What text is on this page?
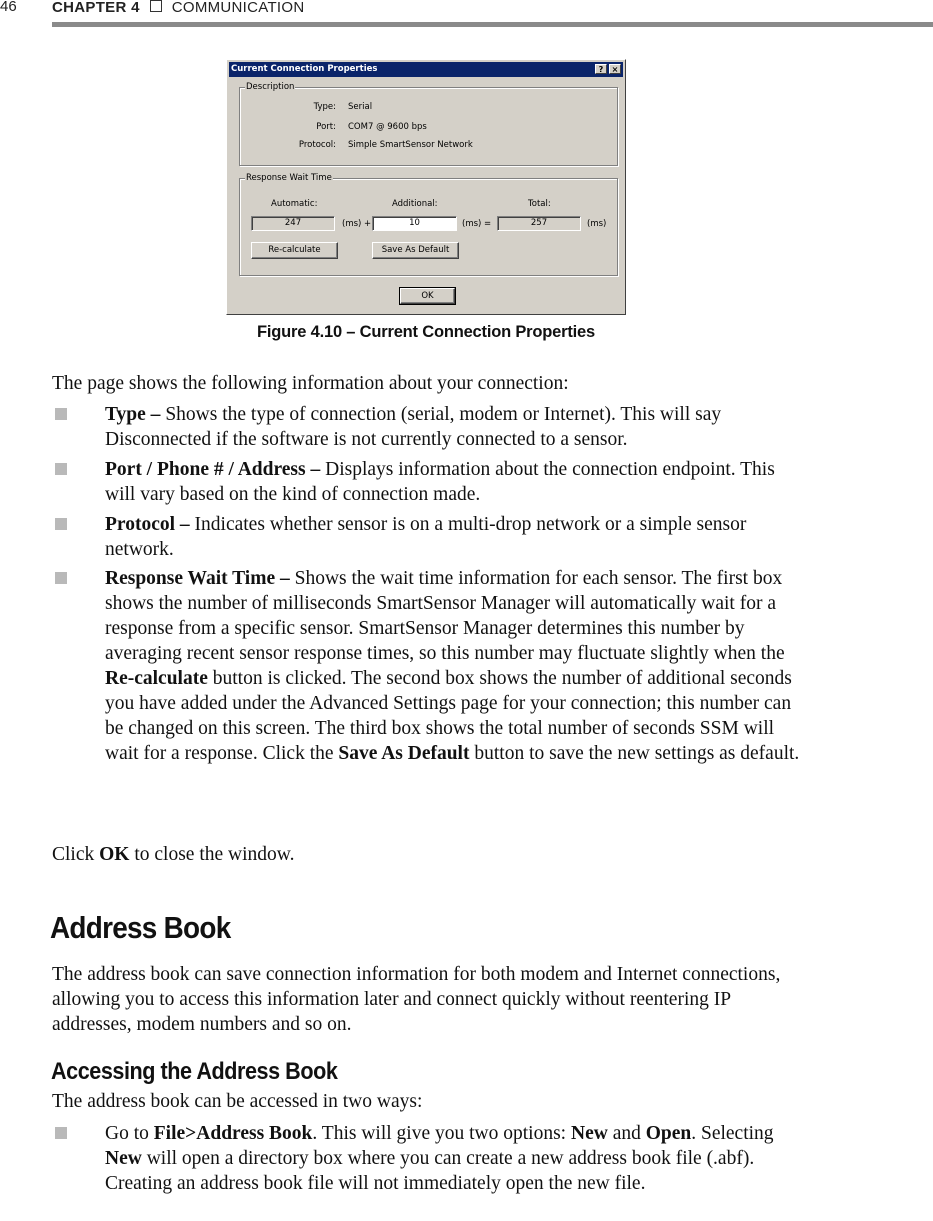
46 CHAPTER 4 COMMUNICATION
Current Connection Properties	?	×
Description
Type: Serial
Port: COM7 @ 9600 bps
Protocol: Simple SmartSensor Network
Response Wait Time
Automatic:	Additional:	Total:
247	(ms) +	10	(ms) =	257	(ms)
Re-calculate	Save As Default
OK
Figure 4.10 – Current Connection Properties

The page shows the following information about your connection:

Type – Shows the type of connection (serial, modem or Internet). This will say Disconnected if the software is not currently connected to a sensor.
Port / Phone # / Address – Displays information about the connection endpoint. This will vary based on the kind of connection made.
Protocol – Indicates whether sensor is on a multi-drop network or a simple sensor network.
Response Wait Time – Shows the wait time information for each sensor. The first box shows the number of milliseconds SmartSensor Manager will automatically wait for a response from a specific sensor. SmartSensor Manager determines this number by averaging recent sensor response times, so this number may fluctuate slightly when the Re-calculate button is clicked. The second box shows the number of additional seconds you have added under the Advanced Settings page for your connection; this number can be changed on this screen. The third box shows the total number of seconds SSM will wait for a response. Click the Save As Default button to save the new settings as default.

Click OK to close the window.

Address Book

The address book can save connection information for both modem and Internet connections, allowing you to access this information later and connect quickly without reentering IP addresses, modem numbers and so on.

Accessing the Address Book

The address book can be accessed in two ways:

Go to File>Address Book. This will give you two options: New and Open. Selecting New will open a directory box where you can create a new address book file (.abf). Creating an address book file will not immediately open the new file.
